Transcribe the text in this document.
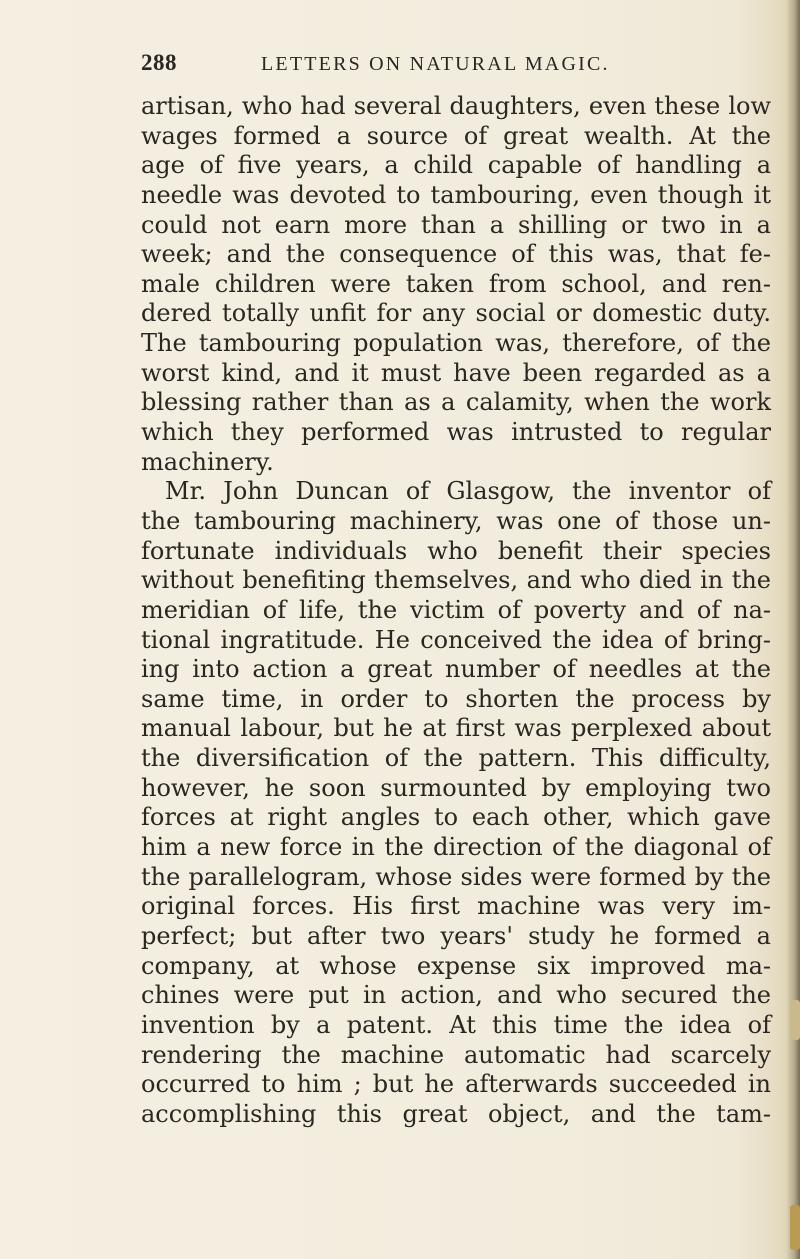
288	LETTERS ON NATURAL MAGIC.
artisan, who had several daughters, even these low
wages formed a source of great wealth. At the
age of five years, a child capable of handling a
needle was devoted to tambouring, even though it
could not earn more than a shilling or two in a
week; and the consequence of this was, that fe-
male children were taken from school, and ren-
dered totally unfit for any social or domestic duty.
The tambouring population was, therefore, of the
worst kind, and it must have been regarded as a
blessing rather than as a calamity, when the work
which they performed was intrusted to regular
machinery.
Mr. John Duncan of Glasgow, the inventor of
the tambouring machinery, was one of those un-
fortunate individuals who benefit their species
without benefiting themselves, and who died in the
meridian of life, the victim of poverty and of na-
tional ingratitude. He conceived the idea of bring-
ing into action a great number of needles at the
same time, in order to shorten the process by
manual labour, but he at first was perplexed about
the diversification of the pattern. This difficulty,
however, he soon surmounted by employing two
forces at right angles to each other, which gave
him a new force in the direction of the diagonal of
the parallelogram, whose sides were formed by the
original forces. His first machine was very im-
perfect; but after two years' study he formed a
company, at whose expense six improved ma-
chines were put in action, and who secured the
invention by a patent. At this time the idea of
rendering the machine automatic had scarcely
occurred to him ; but he afterwards succeeded in
accomplishing this great object, and the tam-
